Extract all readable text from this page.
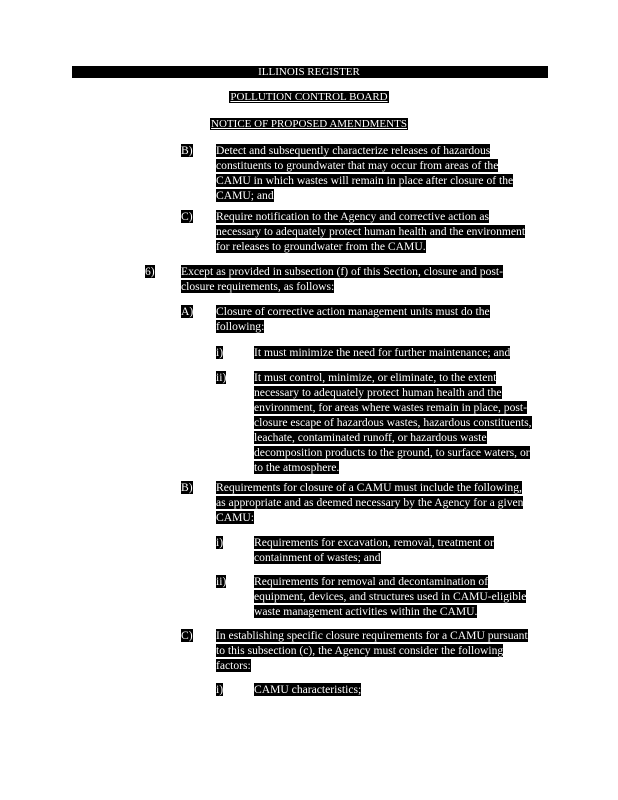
ILLINOIS REGISTER
POLLUTION CONTROL BOARD
NOTICE OF PROPOSED AMENDMENTS
B) Detect and subsequently characterize releases of hazardous
constituents to groundwater that may occur from areas of the
CAMU in which wastes will remain in place after closure of the
CAMU; and
C) Require notification to the Agency and corrective action as
necessary to adequately protect human health and the environment
for releases to groundwater from the CAMU.
6) Except as provided in subsection (f) of this Section, closure and post-
closure requirements, as follows:
A) Closure of corrective action management units must do the
following:
i)	It must minimize the need for further maintenance; and
ii) It must control, minimize, or eliminate, to the extent
necessary to adequately protect human health and the
environment, for areas where wastes remain in place, post-
closure escape of hazardous wastes, hazardous constituents,
leachate, contaminated runoff, or hazardous waste
decomposition products to the ground, to surface waters, or
to the atmosphere.
B) Requirements for closure of a CAMU must include the following,
as appropriate and as deemed necessary by the Agency for a given
CAMU:
i)	Requirements for excavation, removal, treatment or
containment of wastes; and
ii) Requirements for removal and decontamination of
equipment, devices, and structures used in CAMU-eligible
waste management activities within the CAMU.
C) In establishing specific closure requirements for a CAMU pursuant
to this subsection (c), the Agency must consider the following
factors:
i)	CAMU characteristics;
